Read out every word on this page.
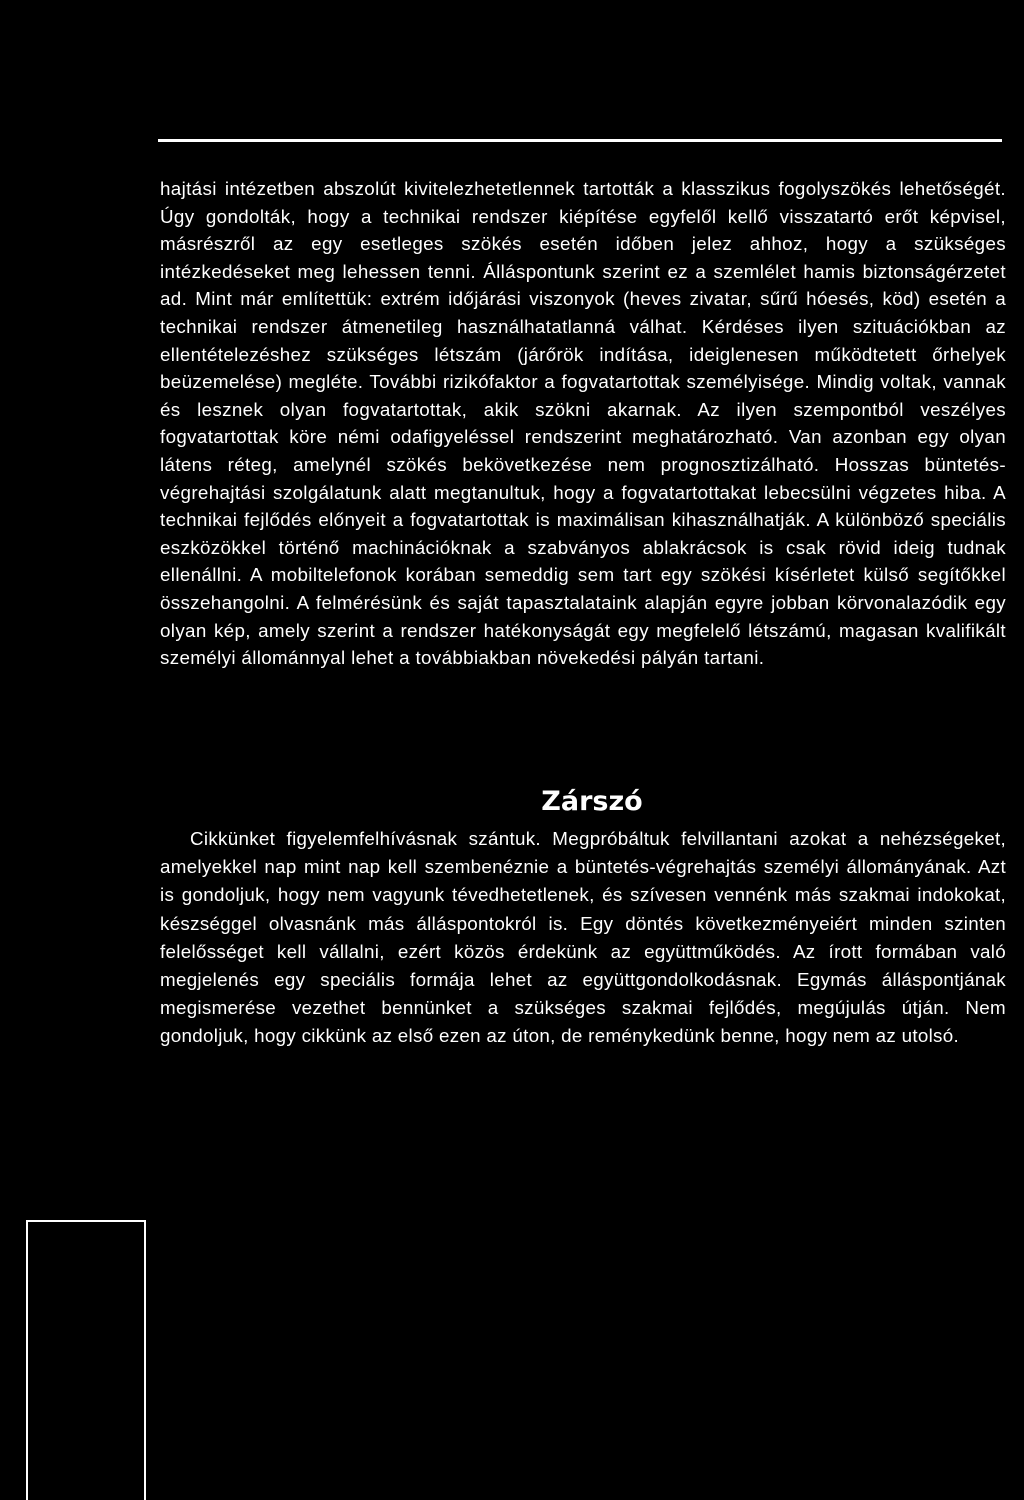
hajtási intézetben abszolút kivitelezhetetlennek tartották a klasszikus fogolyszökés lehetőségét. Úgy gondolták, hogy a technikai rendszer kiépítése egyfelől kellő visszatartó erőt képvisel, másrészről az egy esetleges szökés esetén időben jelez ahhoz, hogy a szükséges intézkedéseket meg lehessen tenni. Álláspontunk szerint ez a szemlélet hamis biztonságérzetet ad. Mint már említettük: extrém időjárási viszonyok (heves zivatar, sűrű hóesés, köd) esetén a technikai rendszer átmenetileg használhatatlanná válhat. Kérdéses ilyen szituációkban az ellentételezéshez szükséges létszám (járőrök indítása, ideiglenesen működtetett őrhelyek beüzemelése) megléte. További rizikófaktor a fogvatartottak személyisége. Mindig voltak, vannak és lesznek olyan fogvatartottak, akik szökni akarnak. Az ilyen szempontból veszélyes fogvatartottak köre némi odafigyeléssel rendszerint meghatározható. Van azonban egy olyan látens réteg, amelynél szökés bekövetkezése nem prognosztizálható. Hosszas büntetés-végrehajtási szolgálatunk alatt megtanultuk, hogy a fogvatartottakat lebecsülni végzetes hiba. A technikai fejlődés előnyeit a fogvatartottak is maximálisan kihasználhatják. A különböző speciális eszközökkel történő machinációknak a szabványos ablakrácsok is csak rövid ideig tudnak ellenállni. A mobiltelefonok korában semeddig sem tart egy szökési kísérletet külső segítőkkel összehangolni. A felmérésünk és saját tapasztalataink alapján egyre jobban körvonalazódik egy olyan kép, amely szerint a rendszer hatékonyságát egy megfelelő létszámú, magasan kvalifikált személyi állománnyal lehet a továbbiakban növekedési pályán tartani.

Zárszó

Cikkünket figyelemfelhívásnak szántuk. Megpróbáltuk felvillantani azokat a nehézségeket, amelyekkel nap mint nap kell szembenéznie a büntetés-végrehajtás személyi állományának. Azt is gondoljuk, hogy nem vagyunk tévedhetetlenek, és szívesen vennénk más szakmai indokokat, készséggel olvasnánk más álláspontokról is. Egy döntés következményeiért minden szinten felelősséget kell vállalni, ezért közös érdekünk az együttműködés. Az írott formában való megjelenés egy speciális formája lehet az együttgondolkodásnak. Egymás álláspontjának megismerése vezethet bennünket a szükséges szakmai fejlődés, megújulás útján. Nem gondoljuk, hogy cikkünk az első ezen az úton, de reménykedünk benne, hogy nem az utolsó.
